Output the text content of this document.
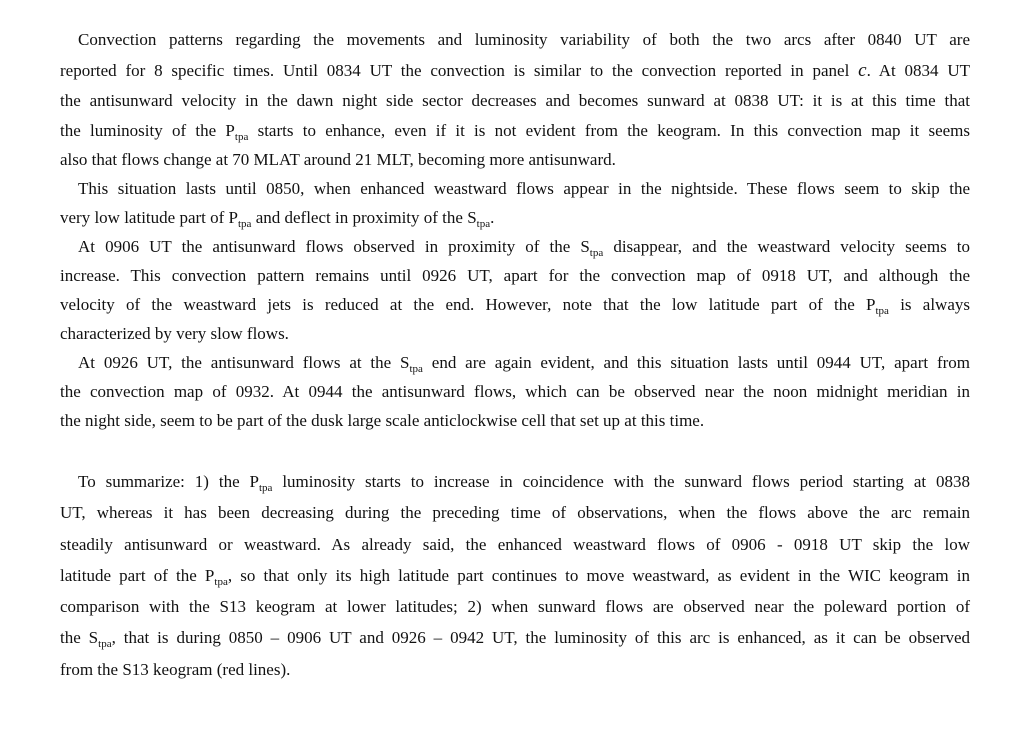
Convection patterns regarding the movements and luminosity variability of both the two arcs after 0840 UT are
reported for 8 specific times. Until 0834 UT the convection is similar to the convection reported in panel c. At 0834 UT
the antisunward velocity in the dawn night side sector decreases and becomes sunward at 0838 UT: it is at this time that
the luminosity of the $P_{tpa}$ starts to enhance, even if it is not evident from the keogram. In this convection map it seems
also that flows change at 70 MLAT around 21 MLT, becoming more antisunward.
This situation lasts until 0850, when enhanced weastward flows appear in the nightside. These flows seem to skip the
very low latitude part of $P_{tpa}$ and deflect in proximity of the $S_{tpa}$.
At 0906 UT the antisunward flows observed in proximity of the $S_{tpa}$ disappear, and the weastward velocity seems to
increase. This convection pattern remains until 0926 UT, apart for the convection map of 0918 UT, and although the
velocity of the weastward jets is reduced at the end. However, note that the low latitude part of the $P_{tpa}$ is always
characterized by very slow flows.
At 0926 UT, the antisunward flows at the $S_{tpa}$ end are again evident, and this situation lasts until 0944 UT, apart from
the convection map of 0932. At 0944 the antisunward flows, which can be observed near the noon midnight meridian in
the night side, seem to be part of the dusk large scale anticlockwise cell that set up at this time.
To summarize: 1) the $P_{tpa}$ luminosity starts to increase in coincidence with the sunward flows period starting at 0838
UT, whereas it has been decreasing during the preceding time of observations, when the flows above the arc remain
steadily antisunward or weastward. As already said, the enhanced weastward flows of 0906 - 0918 UT skip the low
latitude part of the $P_{tpa}$, so that only its high latitude part continues to move weastward, as evident in the WIC keogram in
comparison with the S13 keogram at lower latitudes; 2) when sunward flows are observed near the poleward portion of
the $S_{tpa}$, that is during 0850 – 0906 UT and 0926 – 0942 UT, the luminosity of this arc is enhanced, as it can be observed
from the S13 keogram (red lines).
